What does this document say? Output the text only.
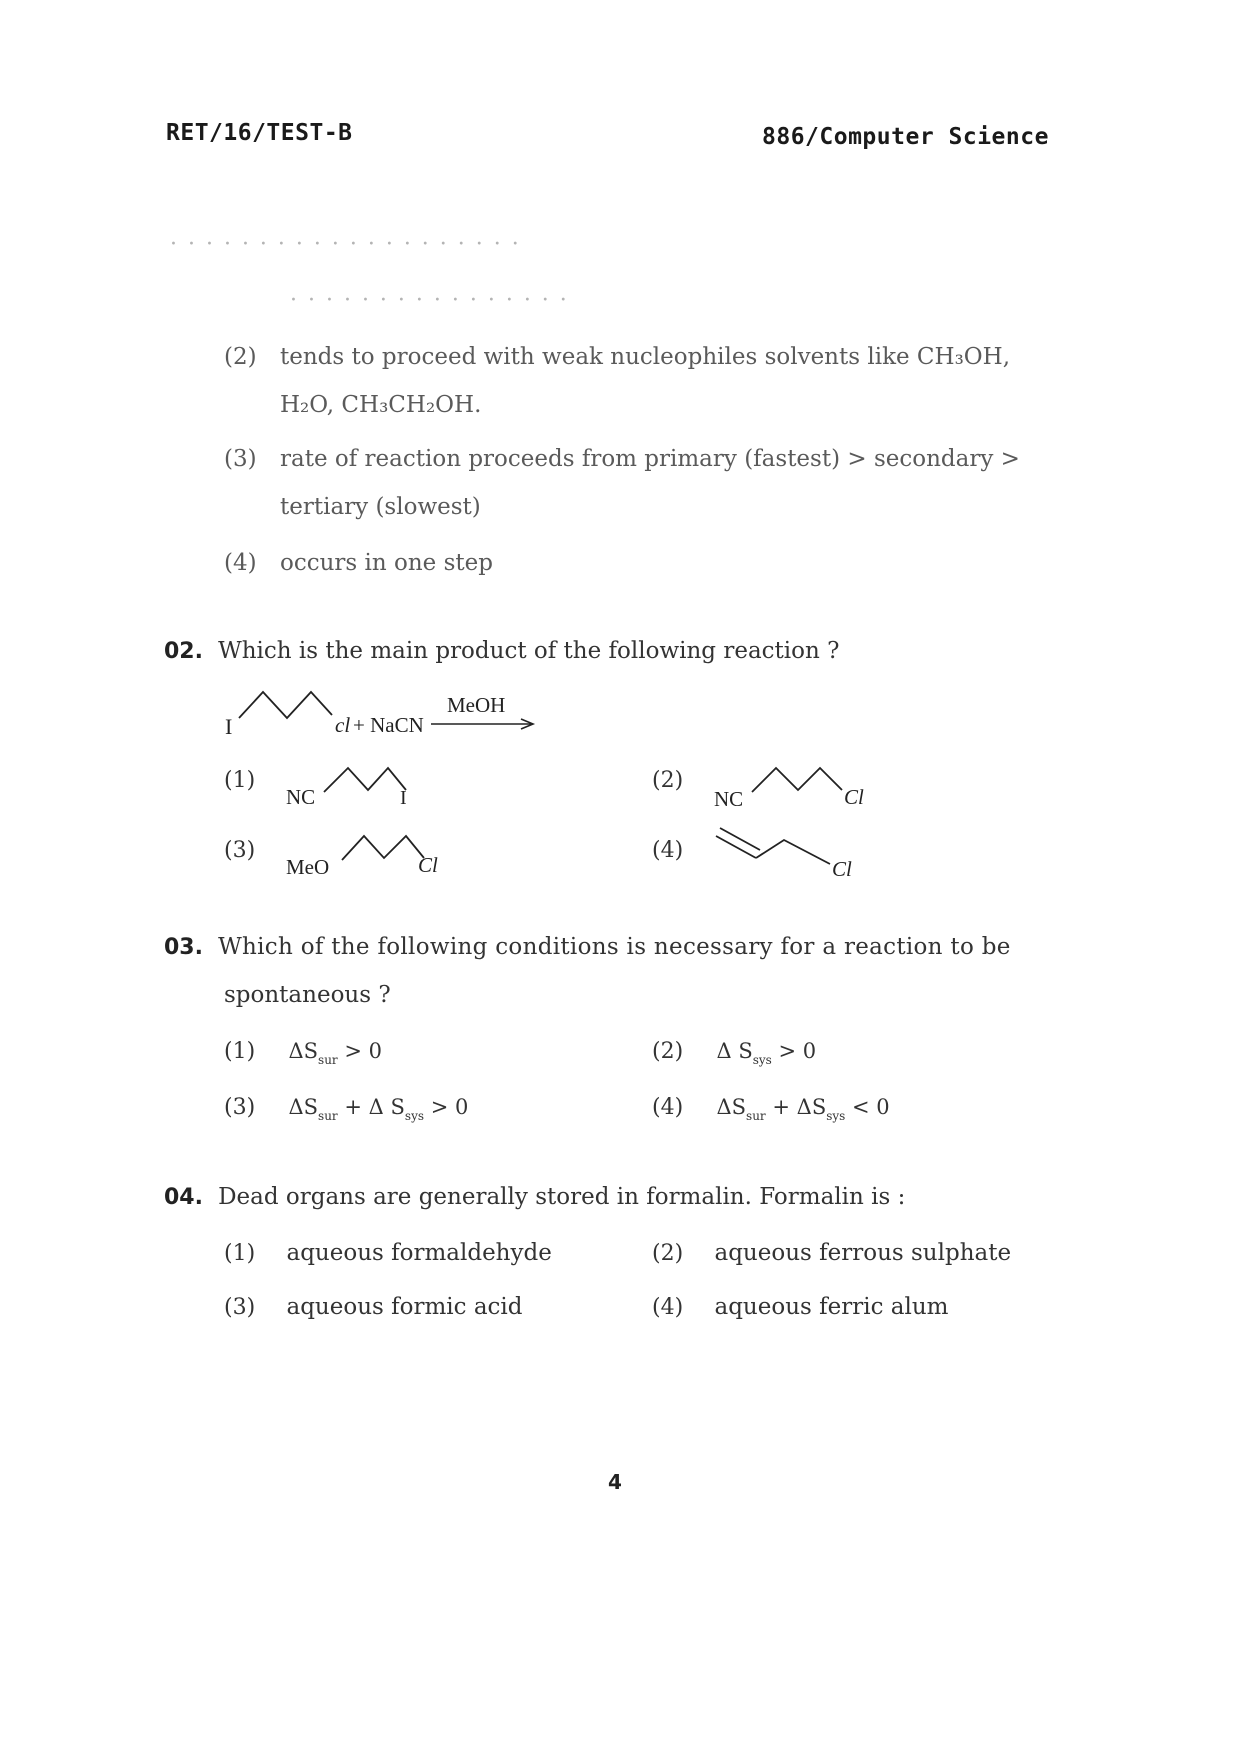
RET/16/TEST-B	886/Computer Science
· · · · · · · · · · · · · · · · · · · ·
· · · · · · · · · · · · · · · ·
(2) tends to proceed with weak nucleophiles solvents like CH₃OH,
H₂O, CH₃CH₂OH.
(3) rate of reaction proceeds from primary (fastest) > secondary >
tertiary (slowest)
(4) occurs in one step
02. Which is the main product of the following reaction ?
I	cl + NaCN
MeOH
(1)
NC	I
(2)
NC	Cl
(3)
MeO	Cl
(4)
Cl
03. Which of the following conditions is necessary for a reaction to be
spontaneous ?
(1) $\Delta S_{sur} > 0$	(2) Δ $S_{sys} > 0$
(3) $\Delta S_{sur} + \Delta$ $S_{sys} > 0$	(4) $\Delta S_{sur} + \Delta S_{sys} < 0$
04. Dead organs are generally stored in formalin. Formalin is :
(1) aqueous formaldehyde	(2) aqueous ferrous sulphate
(3) aqueous formic acid	(4) aqueous ferric alum
4
